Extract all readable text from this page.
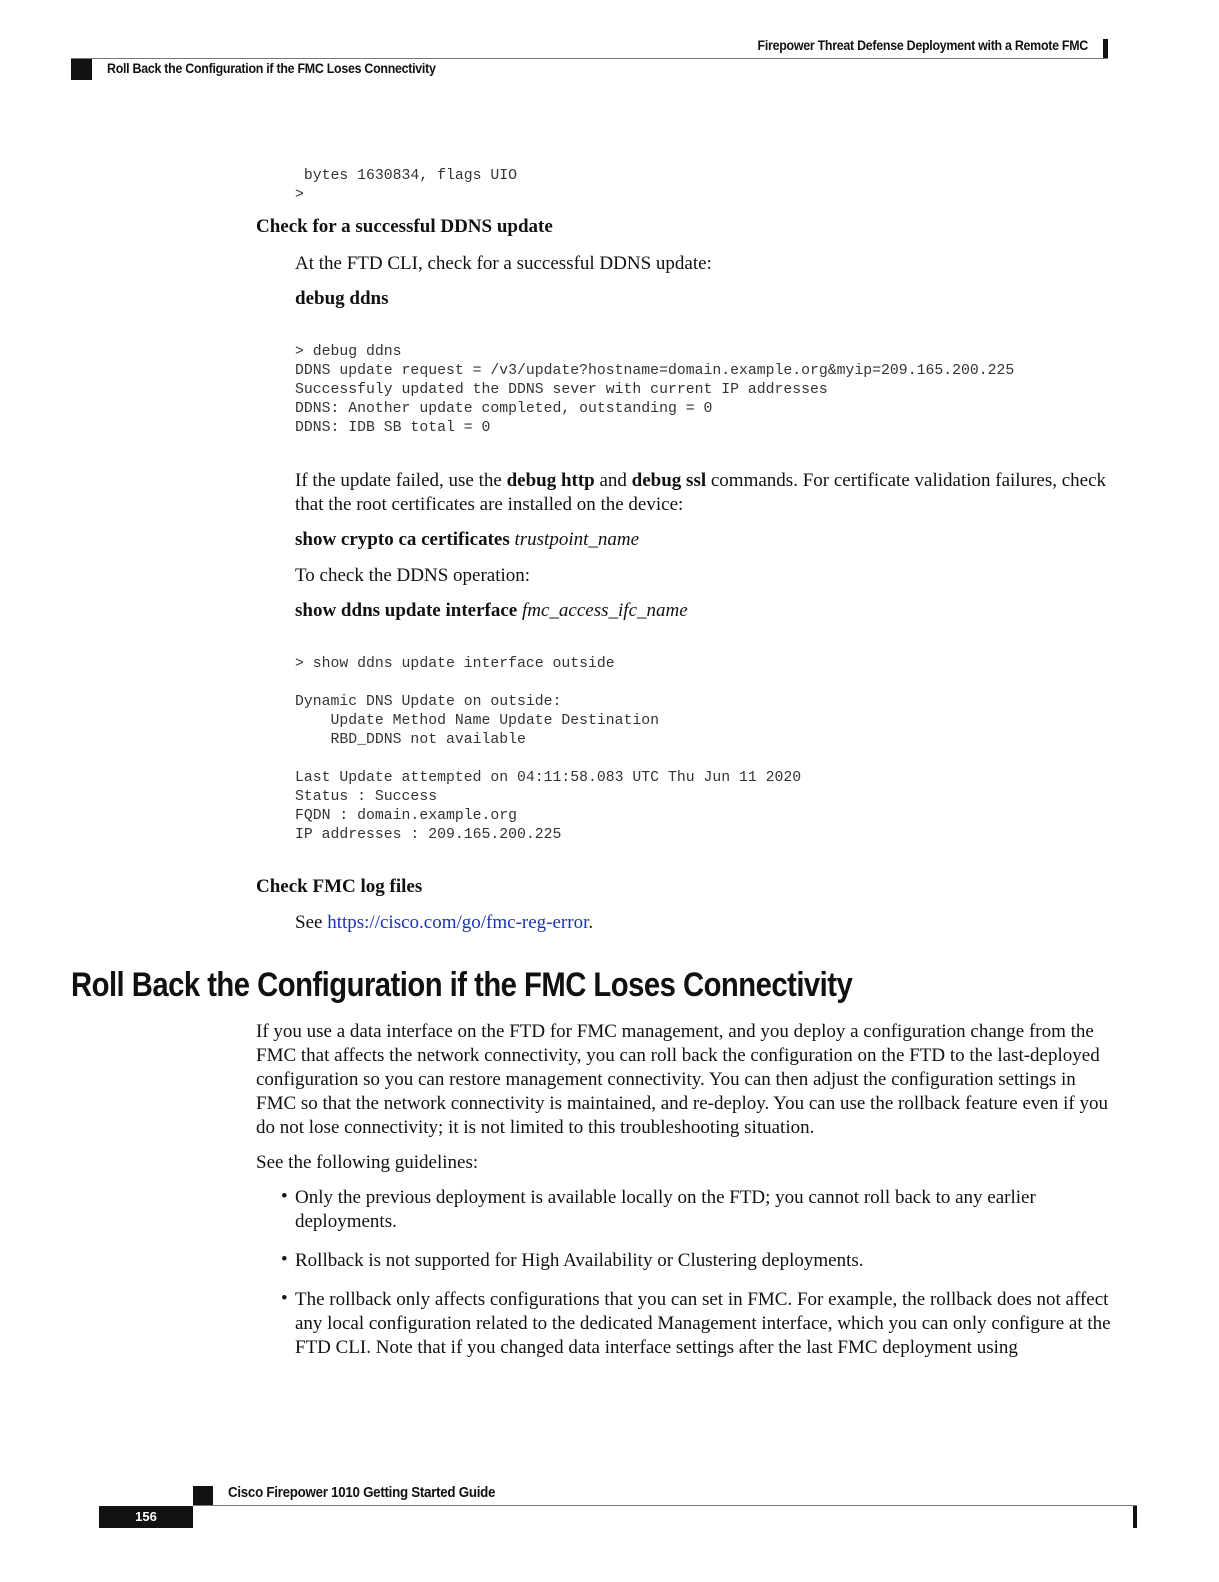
Firepower Threat Defense Deployment with a Remote FMC
Roll Back the Configuration if the FMC Loses Connectivity
bytes 1630834, flags UIO
>
Check for a successful DDNS update
At the FTD CLI, check for a successful DDNS update:
debug ddns
> debug ddns
DDNS update request = /v3/update?hostname=domain.example.org&myip=209.165.200.225
Successfuly updated the DDNS sever with current IP addresses
DDNS: Another update completed, outstanding = 0
DDNS: IDB SB total = 0
If the update failed, use the debug http and debug ssl commands. For certificate validation failures, check that the root certificates are installed on the device:
show crypto ca certificates trustpoint_name
To check the DDNS operation:
show ddns update interface fmc_access_ifc_name
> show ddns update interface outside

Dynamic DNS Update on outside:
Update Method Name Update Destination
RBD_DDNS not available

Last Update attempted on 04:11:58.083 UTC Thu Jun 11 2020
Status : Success
FQDN : domain.example.org
IP addresses : 209.165.200.225
Check FMC log files
See https://cisco.com/go/fmc-reg-error.
Roll Back the Configuration if the FMC Loses Connectivity
If you use a data interface on the FTD for FMC management, and you deploy a configuration change from the FMC that affects the network connectivity, you can roll back the configuration on the FTD to the last-deployed configuration so you can restore management connectivity. You can then adjust the configuration settings in FMC so that the network connectivity is maintained, and re-deploy. You can use the rollback feature even if you do not lose connectivity; it is not limited to this troubleshooting situation.
See the following guidelines:
• Only the previous deployment is available locally on the FTD; you cannot roll back to any earlier deployments.
• Rollback is not supported for High Availability or Clustering deployments.
• The rollback only affects configurations that you can set in FMC. For example, the rollback does not affect any local configuration related to the dedicated Management interface, which you can only configure at the FTD CLI. Note that if you changed data interface settings after the last FMC deployment using
Cisco Firepower 1010 Getting Started Guide
156
